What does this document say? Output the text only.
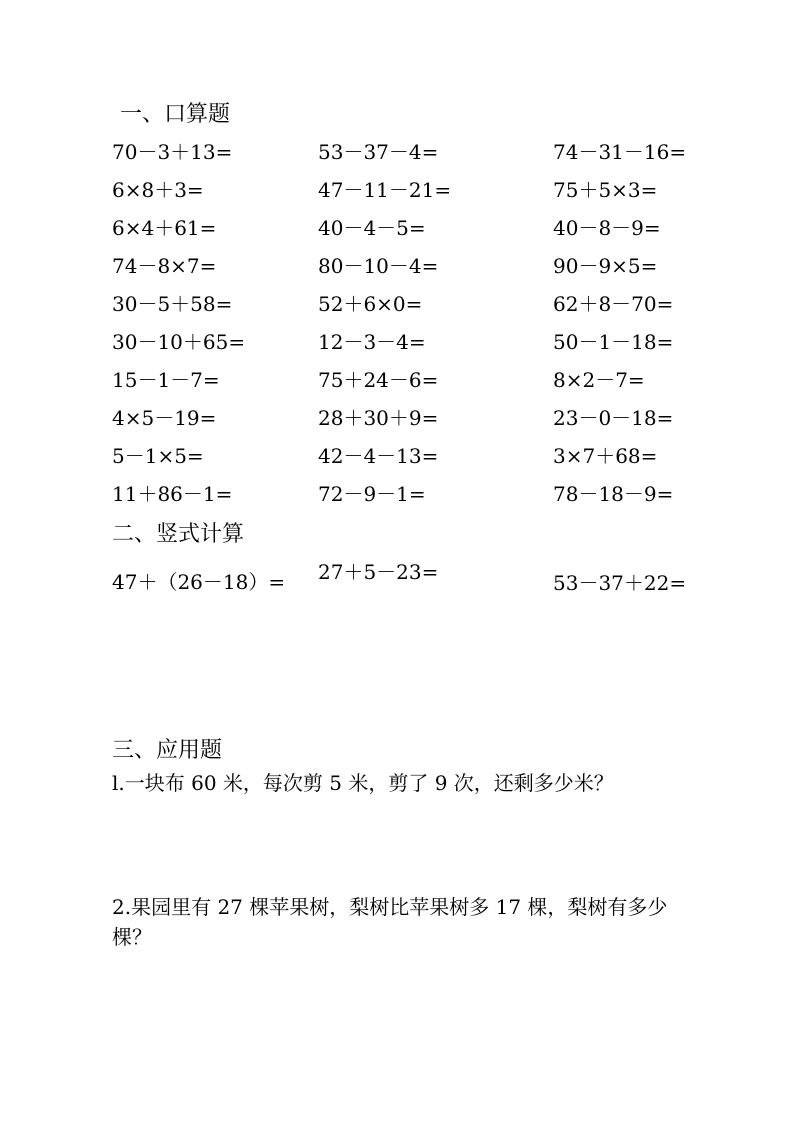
一、口算题
70－3＋13=	53－37－4=	74－31－16=
6×8＋3=	47－11－21=	75＋5×3=
6×4＋61=	40－4－5=	40－8－9=
74－8×7=	80－10－4=	90－9×5=
30－5＋58=	52＋6×0=	62＋8－70=
30－10＋65=	12－3－4=	50－1－18=
15－1－7=	75＋24－6=	8×2－7=
4×5－19=	28＋30＋9=	23－0－18=
5－1×5=	42－4－13=	3×7＋68=
11＋86－1=	72－9－1=	78－18－9=
二、竖式计算
47＋（26－18）= 27＋5－23=	53－37＋22=
三、应用题
l.一块布 60 米，每次剪 5 米，剪了 9 次，还剩多少米？
2.果园里有 27 棵苹果树，梨树比苹果树多 17 棵，梨树有多少棵？
